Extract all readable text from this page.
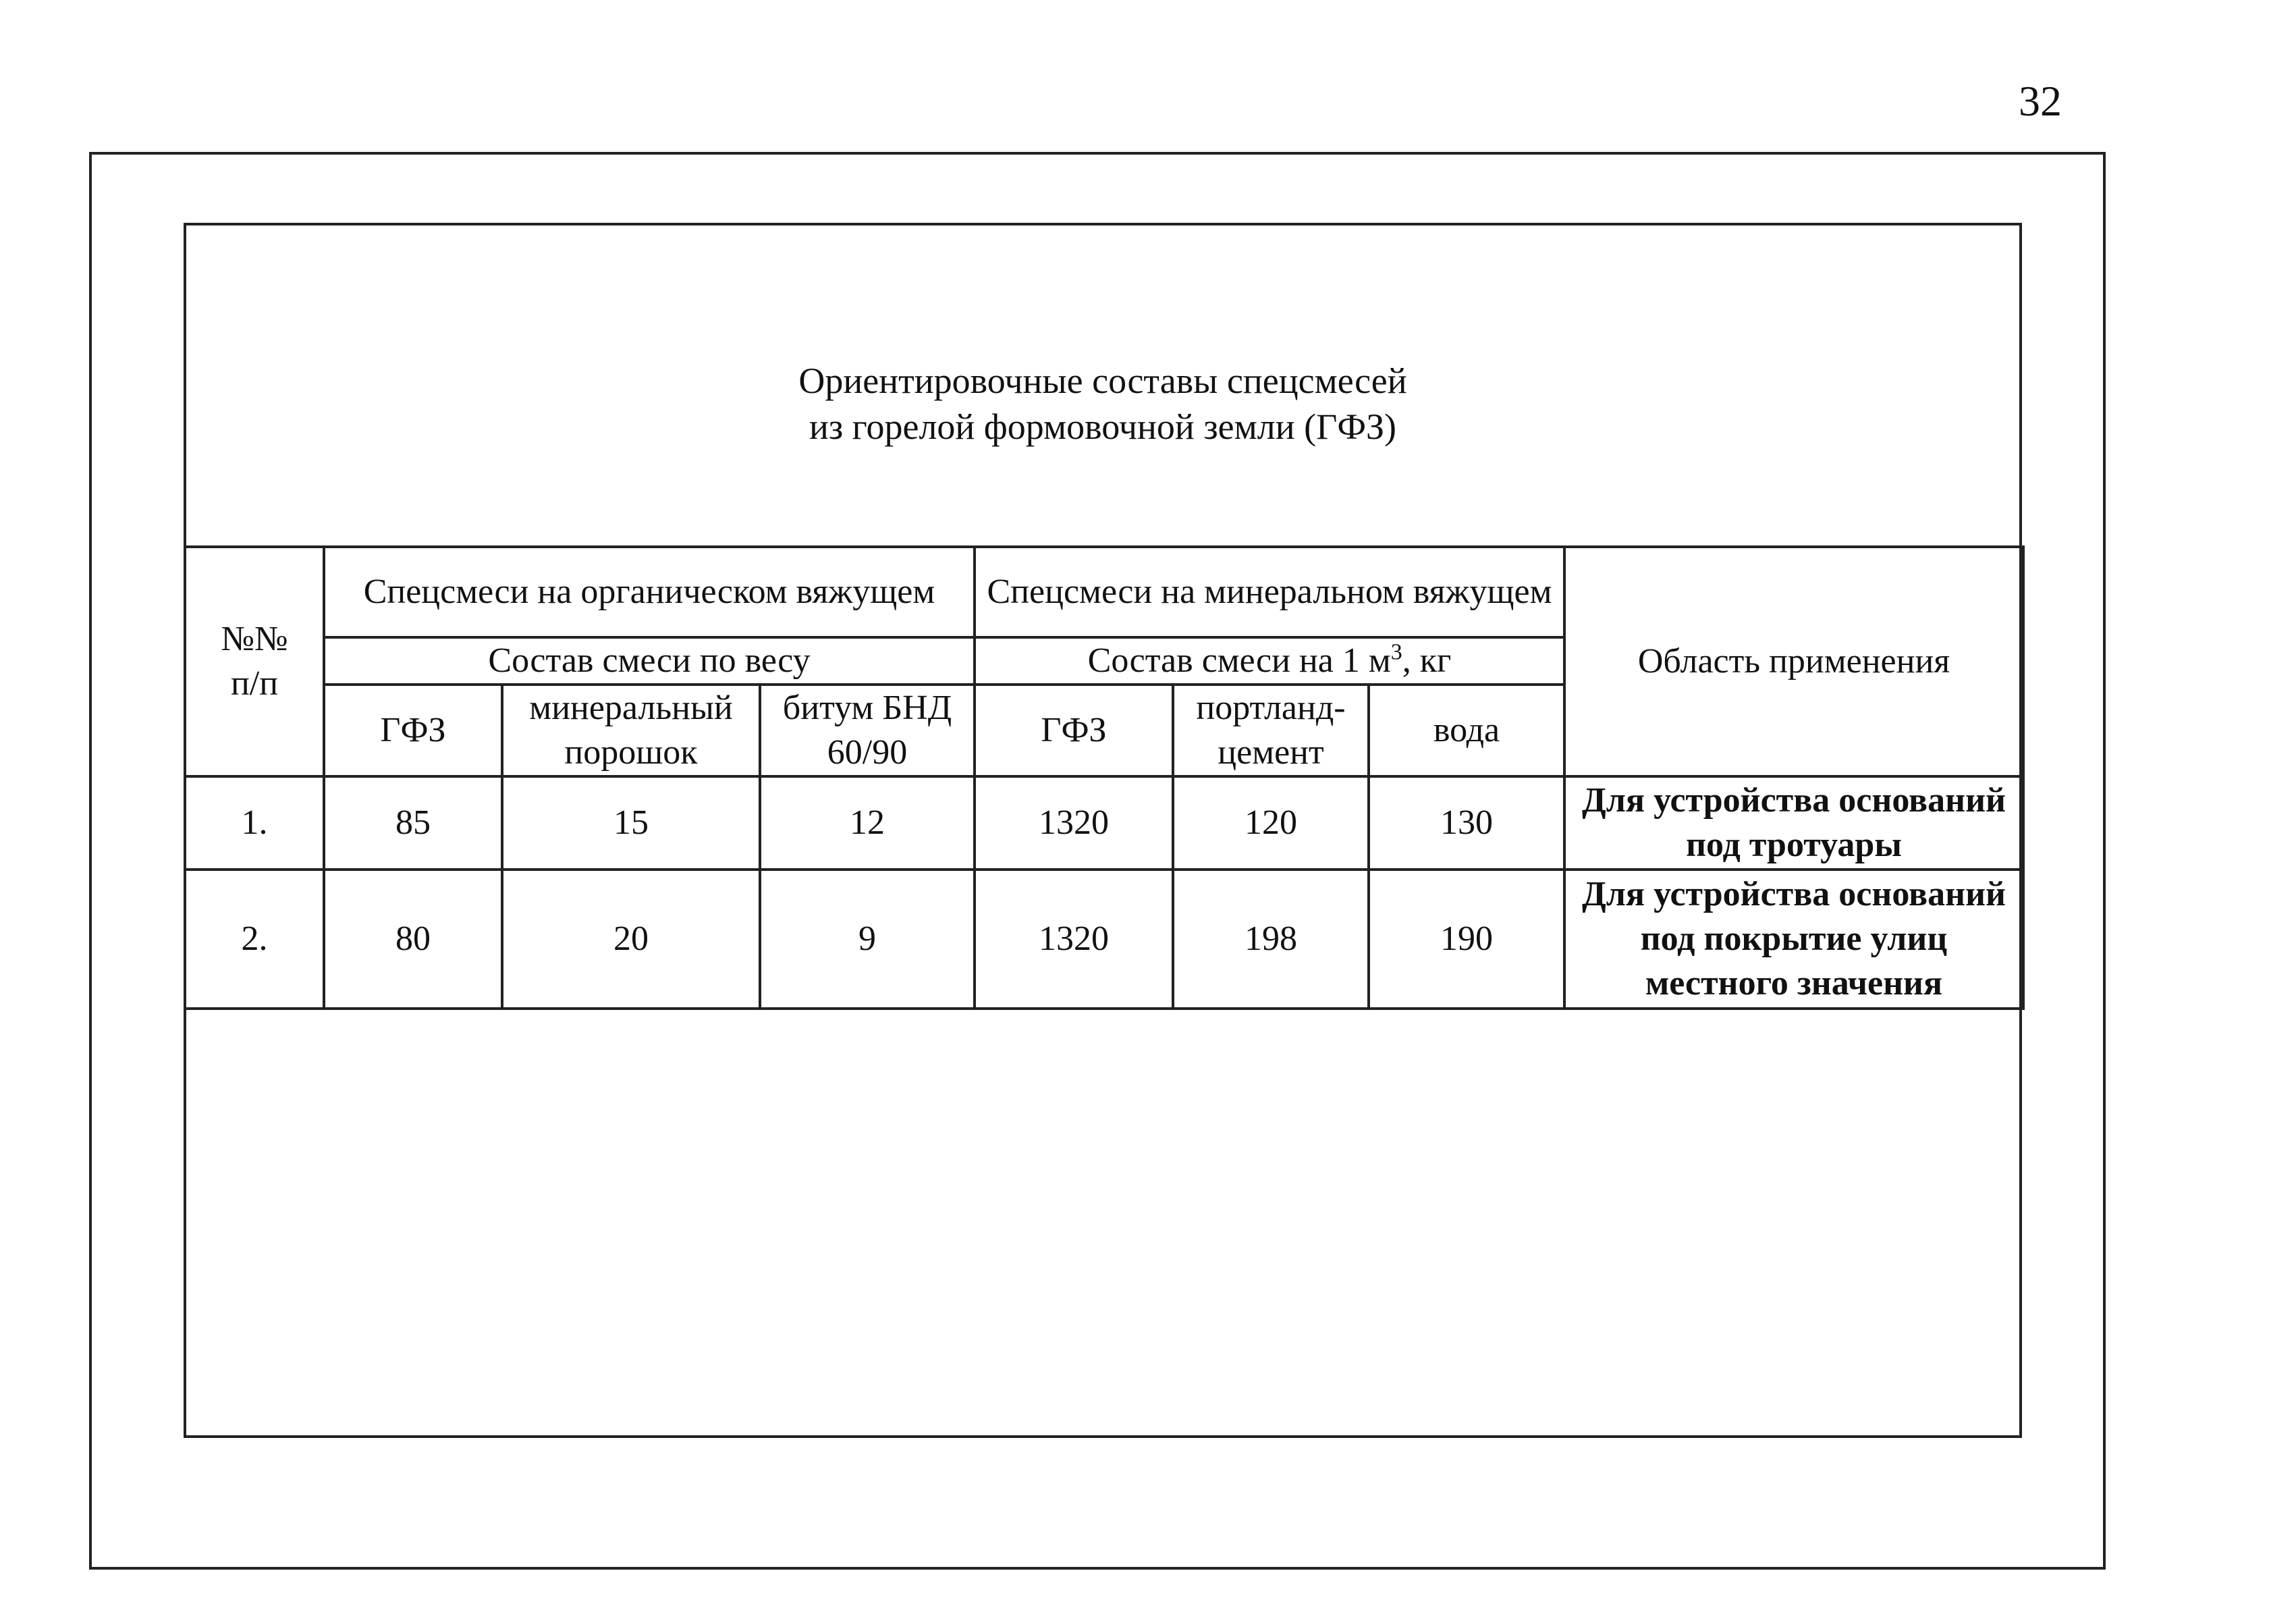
32
Ориентировочные составы спецсмесей
из горелой формовочной земли (ГФЗ)
№№
п/п	Спецсмеси на органическом вяжущем			Спецсмеси на минеральном вяжущем			Область применения
	Состав смеси по весу			Состав смеси на 1 $м^3$, кг			
	ГФЗ	минеральный порошок	битум БНД 60/90	ГФЗ	портланд-цемент	вода	
1.	85	15	12	1320	120	130	Для устройства оснований под тротуары
2.	80	20	9	1320	198	190	Для устройства оснований под покрытие улиц местного значения
